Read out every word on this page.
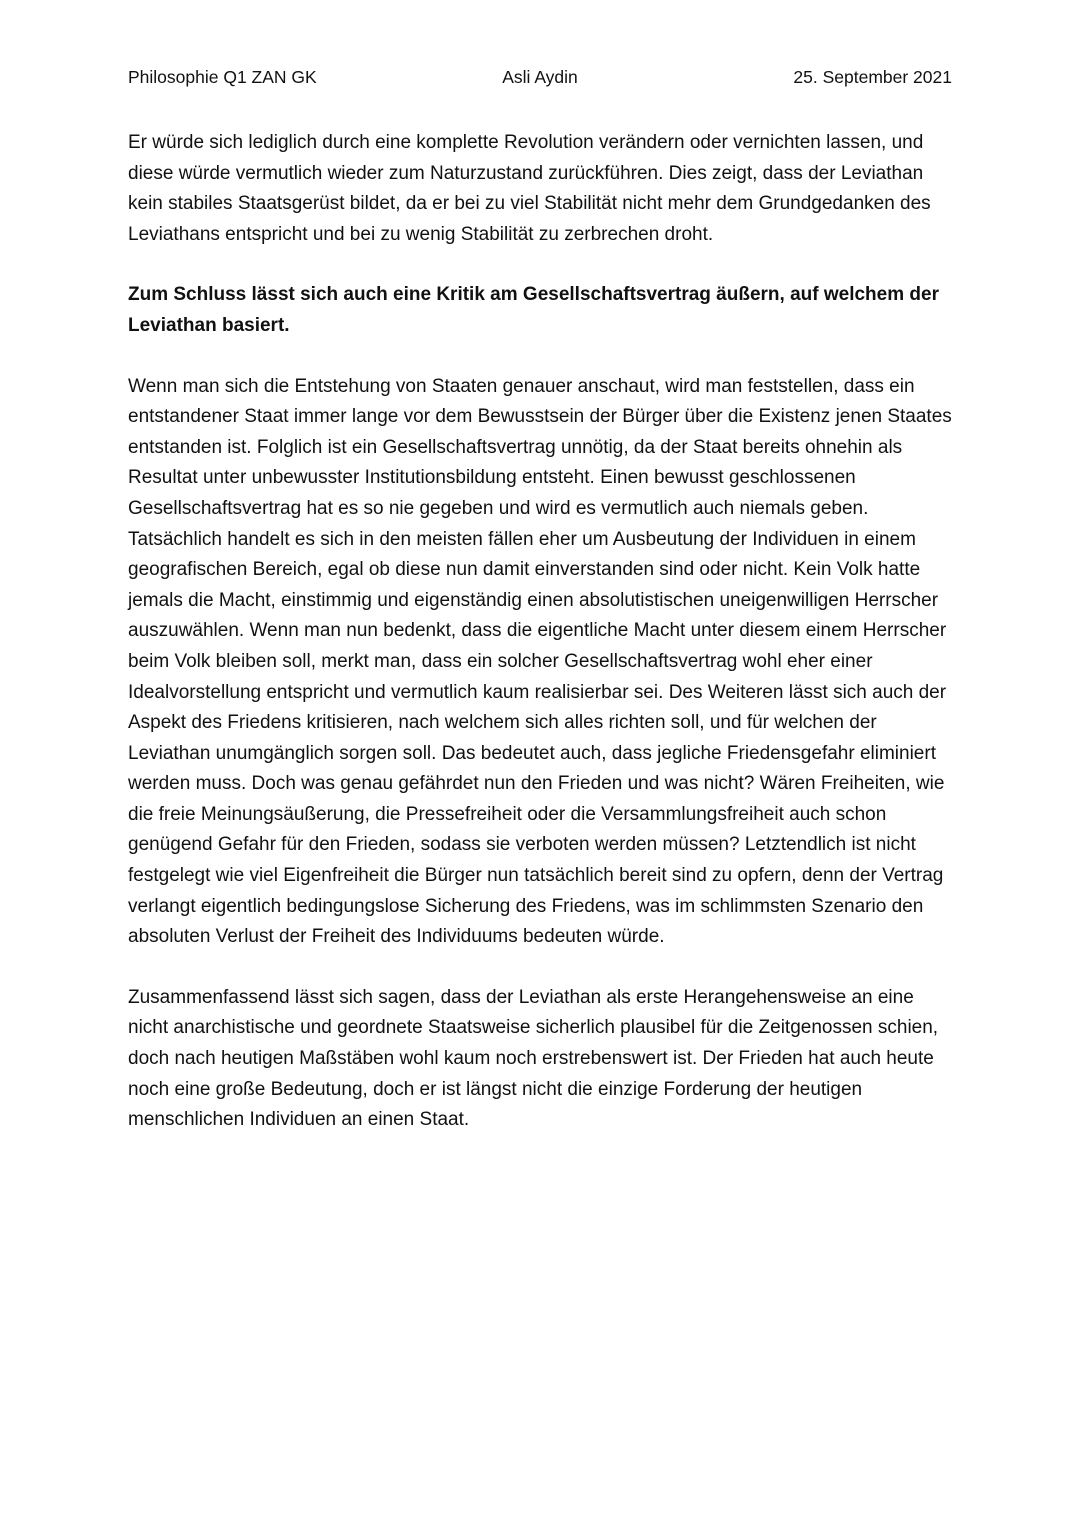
Philosophie Q1 ZAN GK	Asli Aydin	25. September 2021

Er würde sich lediglich durch eine komplette Revolution verändern oder vernichten lassen, und diese würde vermutlich wieder zum Naturzustand zurückführen. Dies zeigt, dass der Leviathan kein stabiles Staatsgerüst bildet, da er bei zu viel Stabilität nicht mehr dem Grundgedanken des Leviathans entspricht und bei zu wenig Stabilität zu zerbrechen droht.

Zum Schluss lässt sich auch eine Kritik am Gesellschaftsvertrag äußern, auf welchem der Leviathan basiert.

Wenn man sich die Entstehung von Staaten genauer anschaut, wird man feststellen, dass ein entstandener Staat immer lange vor dem Bewusstsein der Bürger über die Existenz jenen Staates entstanden ist. Folglich ist ein Gesellschaftsvertrag unnötig, da der Staat bereits ohnehin als Resultat unter unbewusster Institutionsbildung entsteht. Einen bewusst geschlossenen Gesellschaftsvertrag hat es so nie gegeben und wird es vermutlich auch niemals geben. Tatsächlich handelt es sich in den meisten fällen eher um Ausbeutung der Individuen in einem geografischen Bereich, egal ob diese nun damit einverstanden sind oder nicht. Kein Volk hatte jemals die Macht, einstimmig und eigenständig einen absolutistischen uneigenwilligen Herrscher auszuwählen. Wenn man nun bedenkt, dass die eigentliche Macht unter diesem einem Herrscher beim Volk bleiben soll, merkt man, dass ein solcher Gesellschaftsvertrag wohl eher einer Idealvorstellung entspricht und vermutlich kaum realisierbar sei. Des Weiteren lässt sich auch der Aspekt des Friedens kritisieren, nach welchem sich alles richten soll, und für welchen der Leviathan unumgänglich sorgen soll. Das bedeutet auch, dass jegliche Friedensgefahr eliminiert werden muss. Doch was genau gefährdet nun den Frieden und was nicht? Wären Freiheiten, wie die freie Meinungsäußerung, die Pressefreiheit oder die Versammlungsfreiheit auch schon genügend Gefahr für den Frieden, sodass sie verboten werden müssen? Letztendlich ist nicht festgelegt wie viel Eigenfreiheit die Bürger nun tatsächlich bereit sind zu opfern, denn der Vertrag verlangt eigentlich bedingungslose Sicherung des Friedens, was im schlimmsten Szenario den absoluten Verlust der Freiheit des Individuums bedeuten würde.

Zusammenfassend lässt sich sagen, dass der Leviathan als erste Herangehensweise an eine nicht anarchistische und geordnete Staatsweise sicherlich plausibel für die Zeitgenossen schien, doch nach heutigen Maßstäben wohl kaum noch erstrebenswert ist. Der Frieden hat auch heute noch eine große Bedeutung, doch er ist längst nicht die einzige Forderung der heutigen menschlichen Individuen an einen Staat.
